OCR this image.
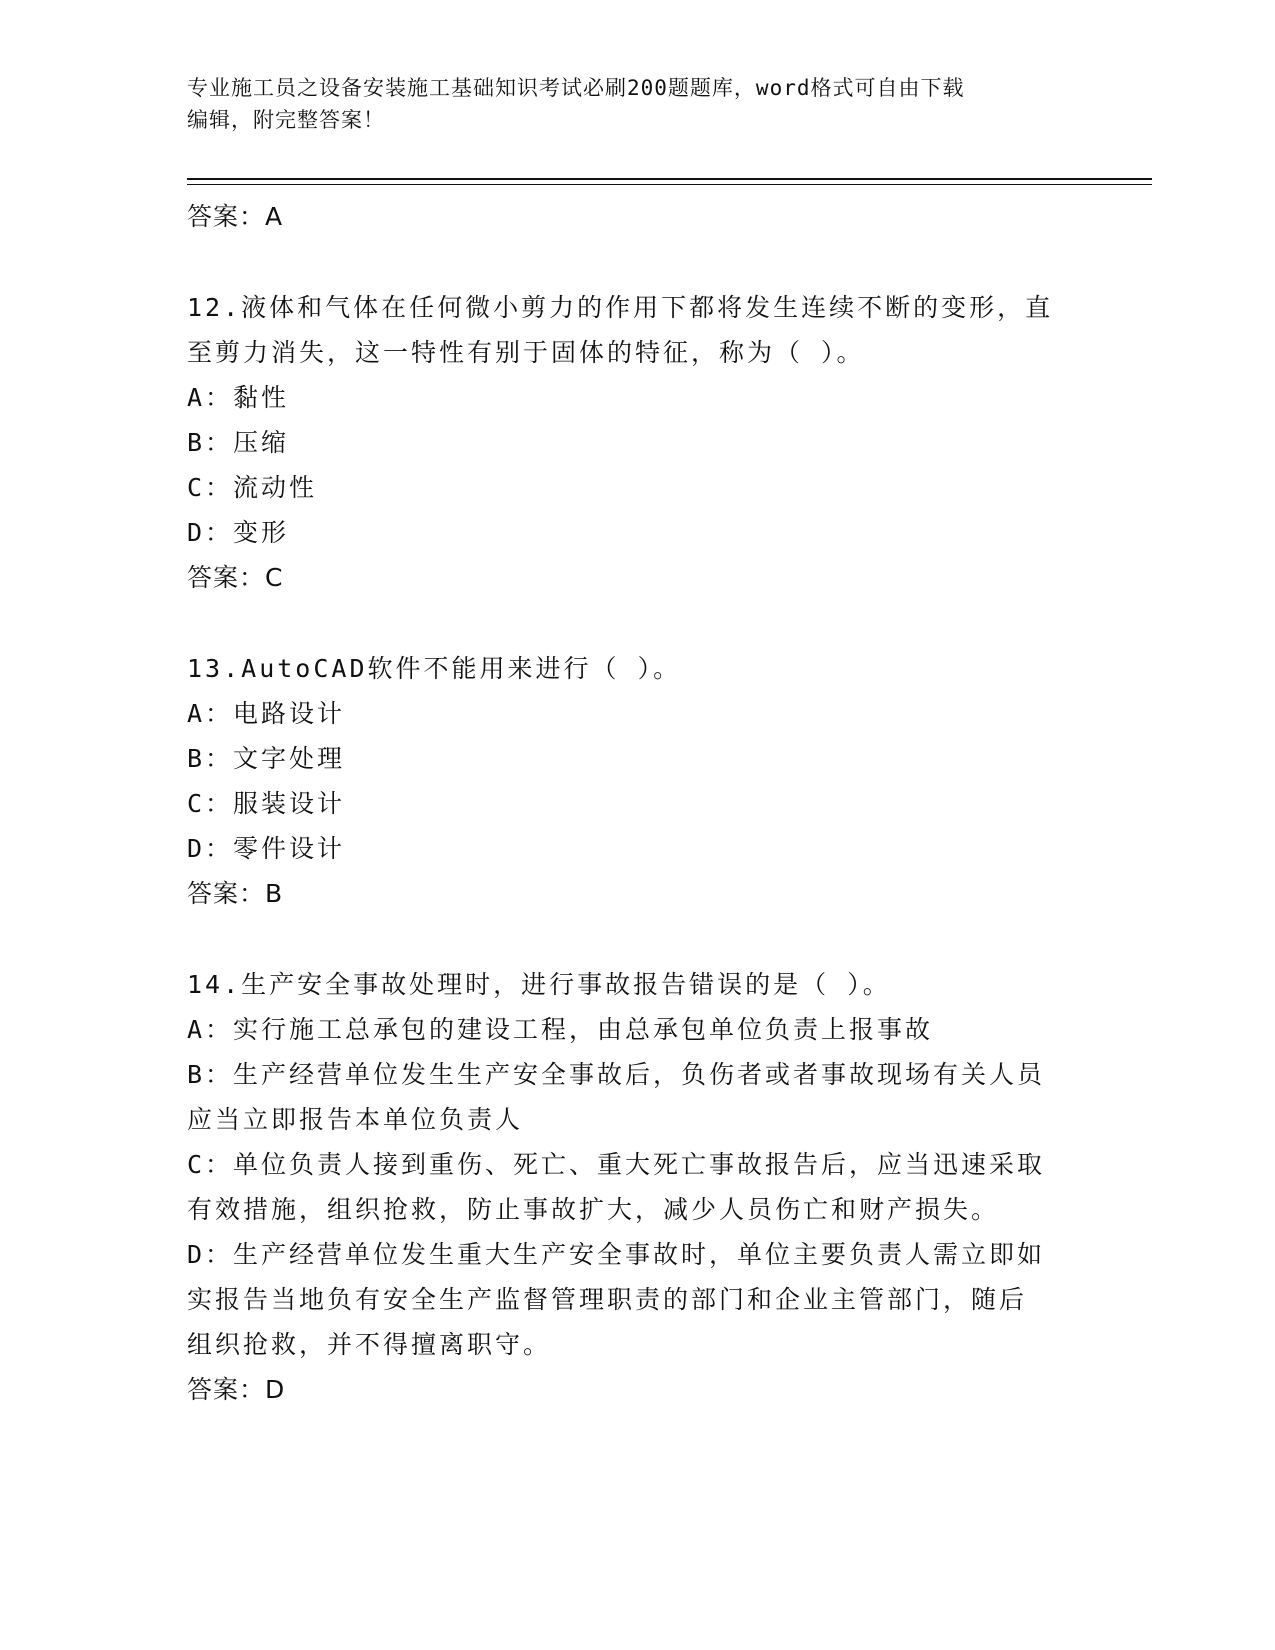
专业施工员之设备安装施工基础知识考试必刷200题题库，word格式可自由下载
编辑，附完整答案！
答案：A
12.液体和气体在任何微小剪力的作用下都将发生连续不断的变形，直
至剪力消失，这一特性有别于固体的特征，称为（ ）。
A：黏性
B：压缩
C：流动性
D：变形
答案：C
13.AutoCAD软件不能用来进行（ ）。
A：电路设计
B：文字处理
C：服装设计
D：零件设计
答案：B
14.生产安全事故处理时，进行事故报告错误的是（ ）。
A：实行施工总承包的建设工程，由总承包单位负责上报事故
B：生产经营单位发生生产安全事故后，负伤者或者事故现场有关人员
应当立即报告本单位负责人
C：单位负责人接到重伤、死亡、重大死亡事故报告后，应当迅速采取
有效措施，组织抢救，防止事故扩大，减少人员伤亡和财产损失。
D：生产经营单位发生重大生产安全事故时，单位主要负责人需立即如
实报告当地负有安全生产监督管理职责的部门和企业主管部门，随后
组织抢救，并不得擅离职守。
答案：D
